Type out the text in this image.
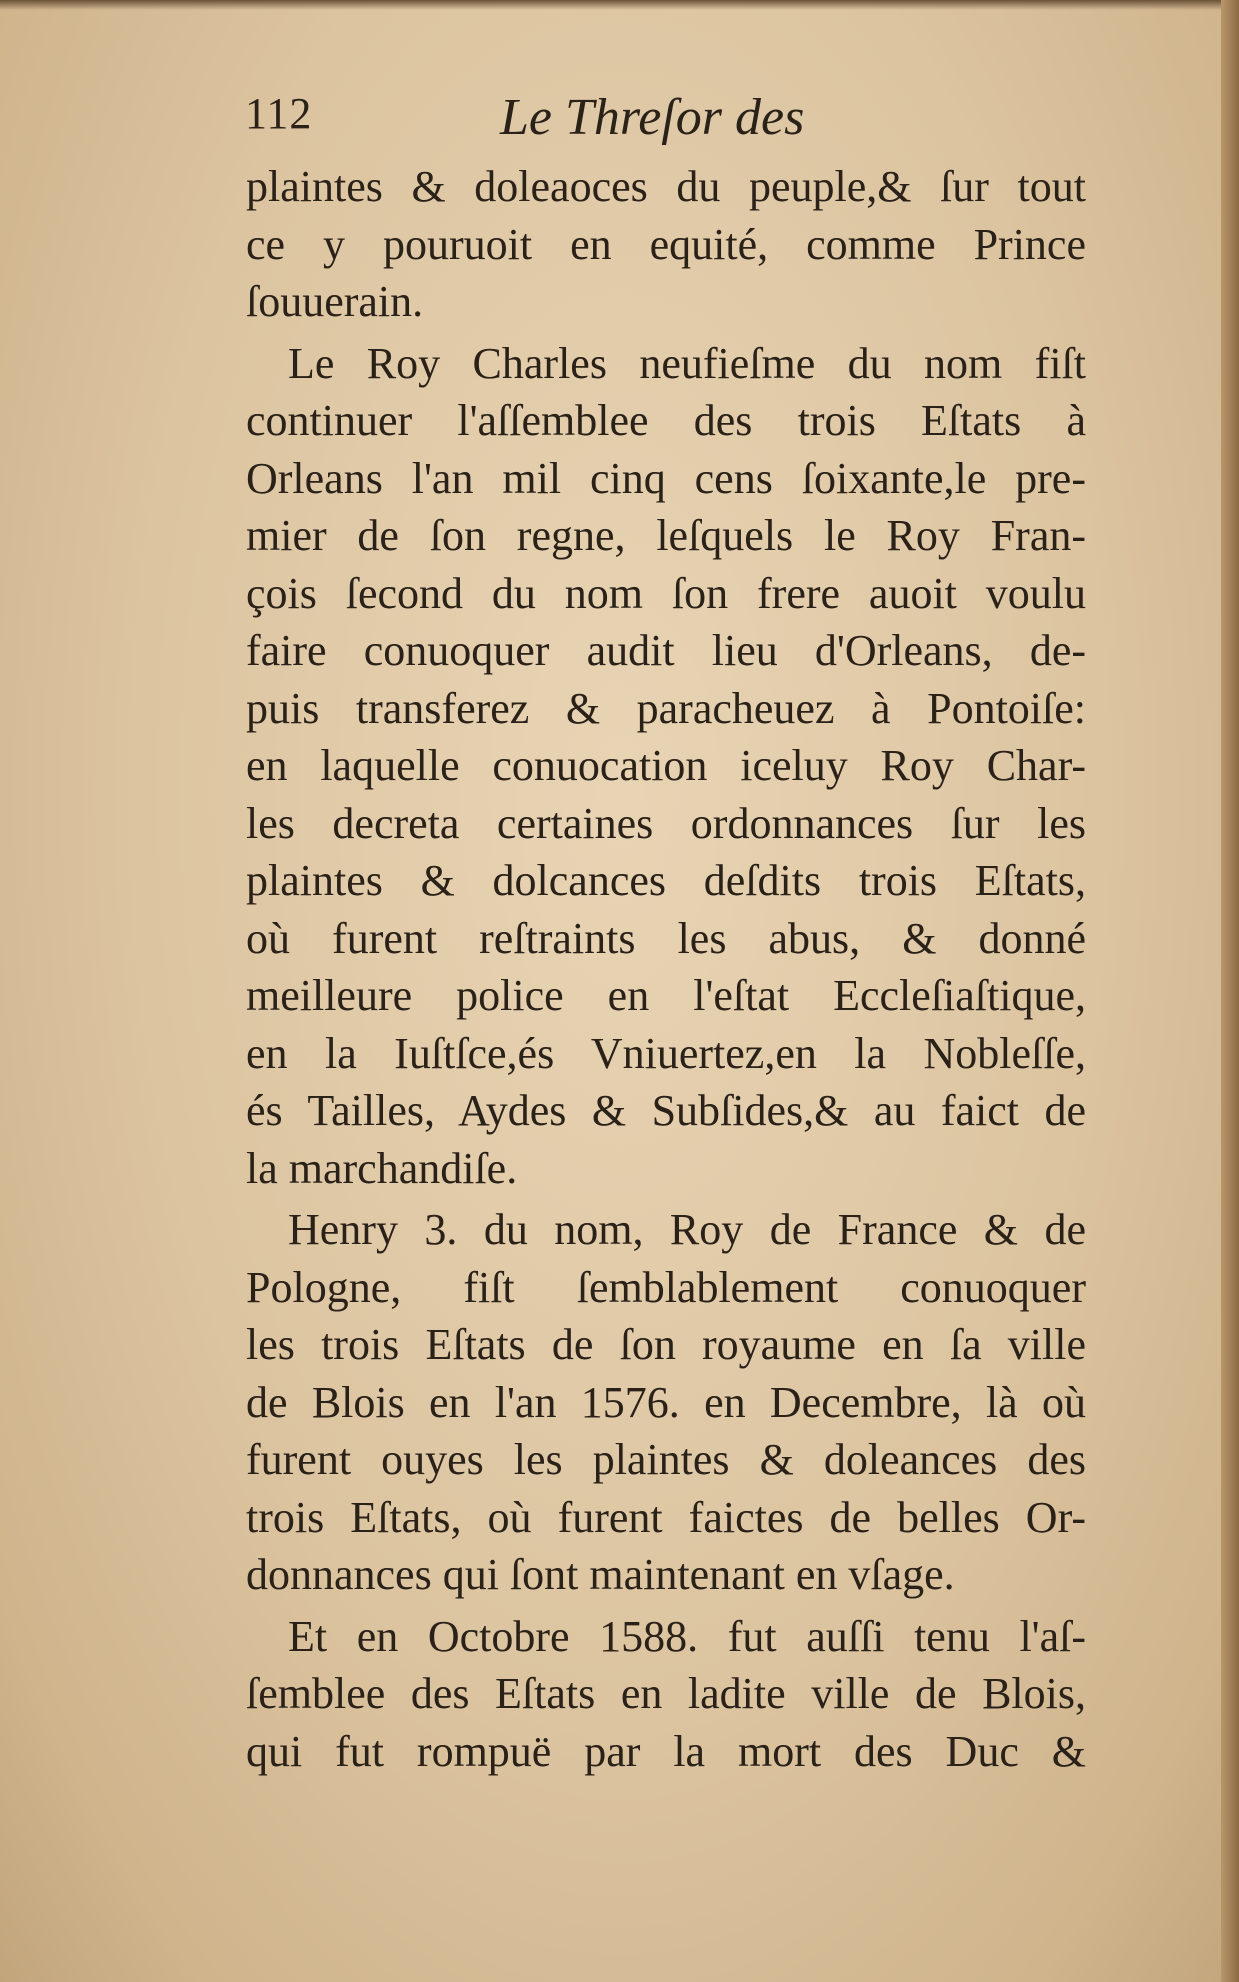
112	Le Threſor des
plaintes & doleaoces du peuple,& ſur tout
ce y pouruoit en equité, comme Prince
ſouuerain.
Le Roy Charles neufieſme du nom fiſt
continuer l'aſſemblee des trois Eſtats à
Orleans l'an mil cinq cens ſoixante,le pre-
mier de ſon regne, leſquels le Roy Fran-
çois ſecond du nom ſon frere auoit voulu
faire conuoquer audit lieu d'Orleans, de-
puis transferez & paracheuez à Pontoiſe:
en laquelle conuocation iceluy Roy Char-
les decreta certaines ordonnances ſur les
plaintes & dolcances deſdits trois Eſtats,
où furent reſtraints les abus, & donné
meilleure police en l'eſtat Eccleſiaſtique,
en la Iuſtſce,és Vniuertez,en la Nobleſſe,
és Tailles, Aydes & Subſides,& au faict de
la marchandiſe.
Henry 3. du nom, Roy de France & de
Pologne, fiſt ſemblablement conuoquer
les trois Eſtats de ſon royaume en ſa ville
de Blois en l'an 1576. en Decembre, là où
furent ouyes les plaintes & doleances des
trois Eſtats, où furent faictes de belles Or-
donnances qui ſont maintenant en vſage.
Et en Octobre 1588. fut auſſi tenu l'aſ-
ſemblee des Eſtats en ladite ville de Blois,
qui fut rompuë par la mort des Duc &
